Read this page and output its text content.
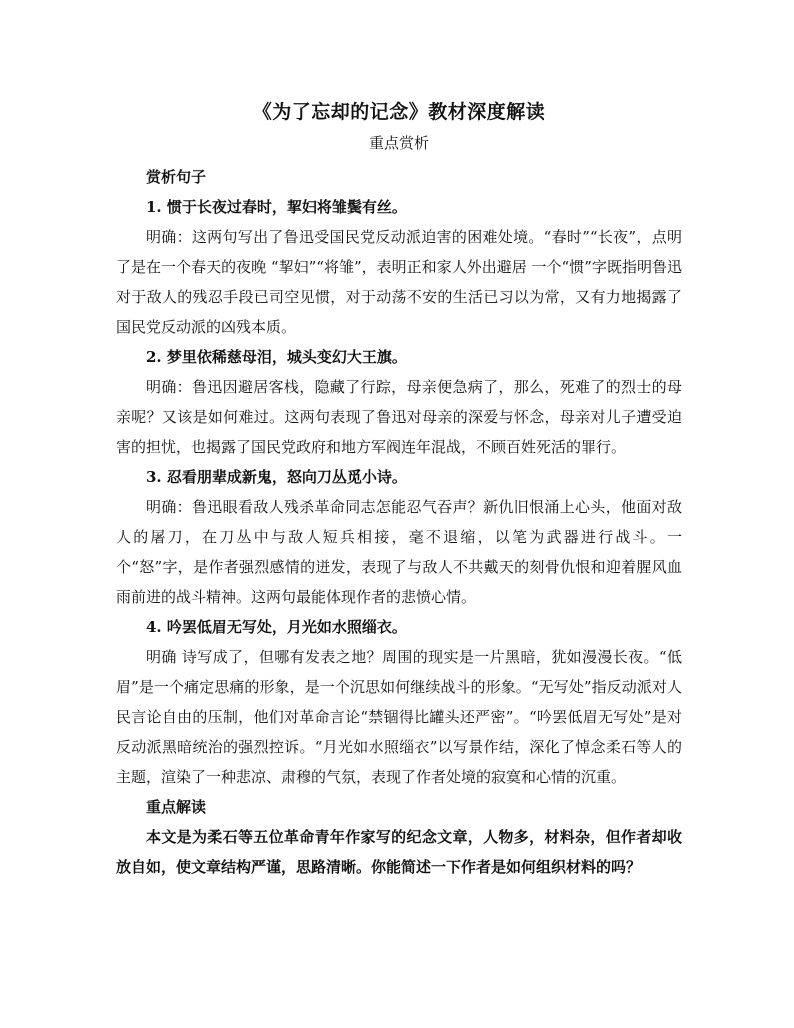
《为了忘却的记念》教材深度解读
重点赏析

赏析句子

1. 惯于长夜过春时，挈妇将雏鬓有丝。

明确：这两句写出了鲁迅受国民党反动派迫害的困难处境。“春时”“长夜”，点明了是在一个春天的夜晚 “挈妇”“将雏”，表明正和家人外出避居 一个“惯”字既指明鲁迅对于敌人的残忍手段已司空见惯，对于动荡不安的生活已习以为常，又有力地揭露了国民党反动派的凶残本质。

2. 梦里依稀慈母泪，城头变幻大王旗。

明确：鲁迅因避居客栈，隐藏了行踪，母亲便急病了，那么，死难了的烈士的母亲呢？又该是如何难过。这两句表现了鲁迅对母亲的深爱与怀念，母亲对儿子遭受迫害的担忧，也揭露了国民党政府和地方军阀连年混战，不顾百姓死活的罪行。

3. 忍看朋辈成新鬼，怒向刀丛觅小诗。

明确：鲁迅眼看敌人残杀革命同志怎能忍气吞声？新仇旧恨涌上心头，他面对敌人的屠刀，在刀丛中与敌人短兵相接，毫不退缩，以笔为武器进行战斗。一个“怒”字，是作者强烈感情的迸发，表现了与敌人不共戴天的刻骨仇恨和迎着腥风血雨前进的战斗精神。这两句最能体现作者的悲愤心情。

4. 吟罢低眉无写处，月光如水照缁衣。

明确 诗写成了，但哪有发表之地？周围的现实是一片黑暗，犹如漫漫长夜。“低眉”是一个痛定思痛的形象，是一个沉思如何继续战斗的形象。“无写处”指反动派对人民言论自由的压制，他们对革命言论“禁锢得比罐头还严密”。“吟罢低眉无写处”是对反动派黑暗统治的强烈控诉。“月光如水照缁衣”以写景作结，深化了悼念柔石等人的主题，渲染了一种悲凉、肃穆的气氛，表现了作者处境的寂寞和心情的沉重。

重点解读

本文是为柔石等五位革命青年作家写的纪念文章，人物多，材料杂，但作者却收放自如，使文章结构严谨，思路清晰。你能简述一下作者是如何组织材料的吗？
